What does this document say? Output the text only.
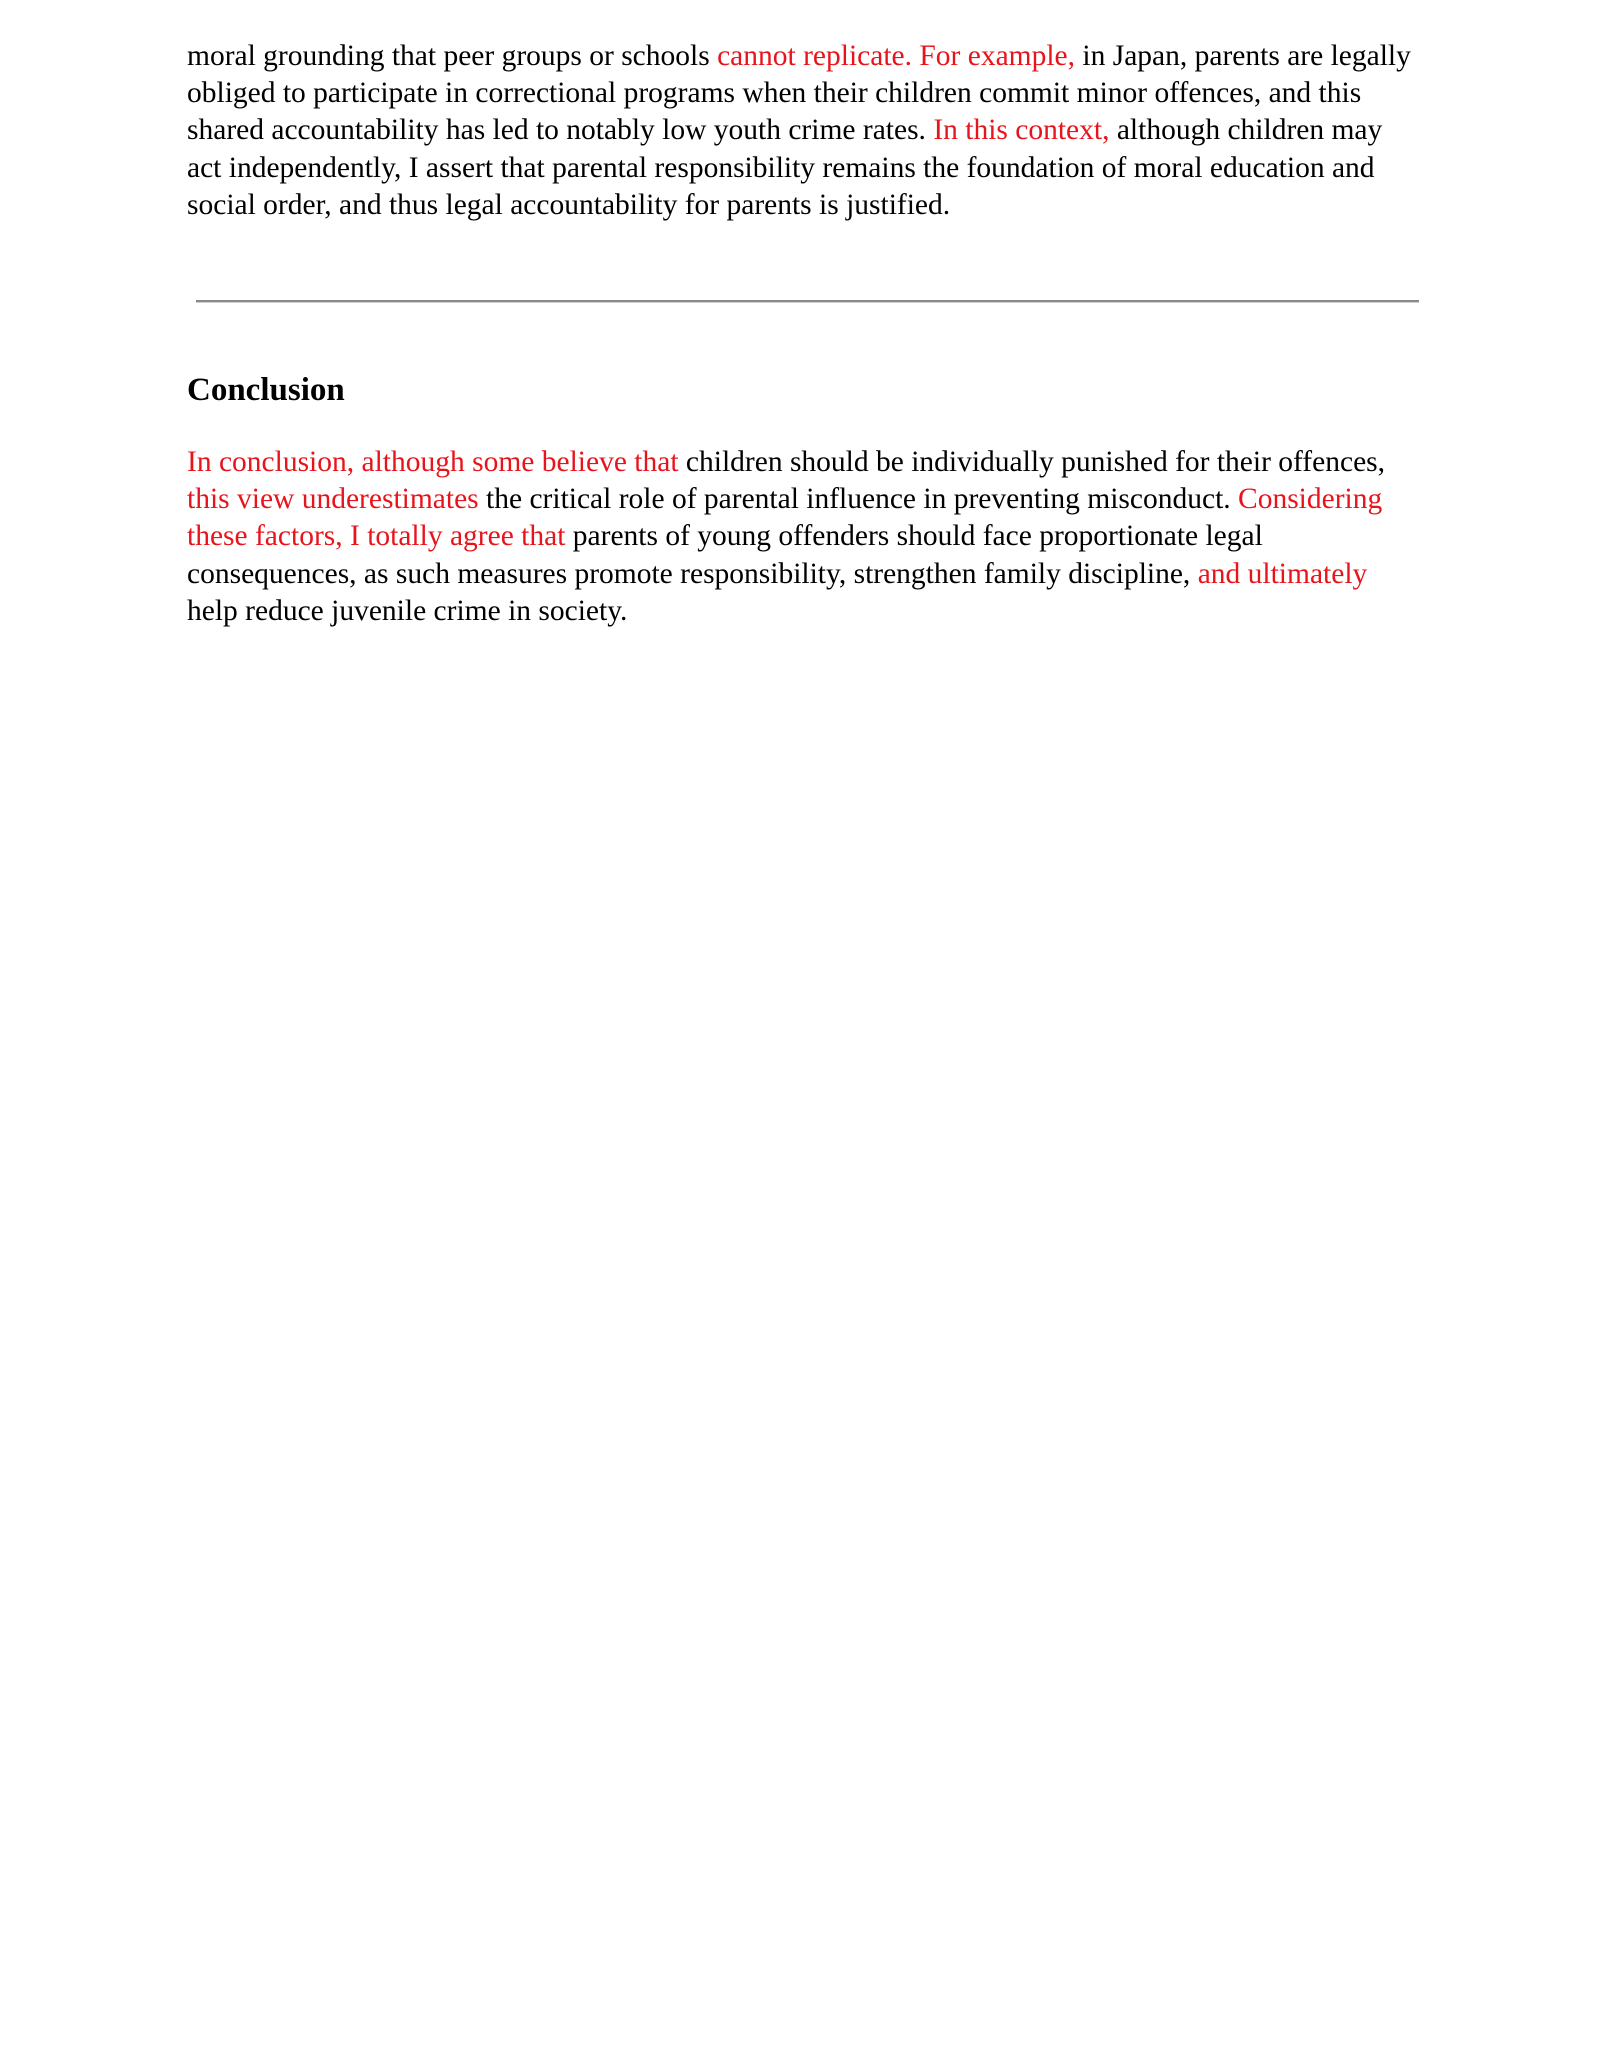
moral grounding that peer groups or schools cannot replicate. For example, in Japan, parents are legally obliged to participate in correctional programs when their children commit minor offences, and this shared accountability has led to notably low youth crime rates. In this context, although children may act independently, I assert that parental responsibility remains the foundation of moral education and social order, and thus legal accountability for parents is justified.

Conclusion

In conclusion, although some believe that children should be individually punished for their offences, this view underestimates the critical role of parental influence in preventing misconduct. Considering these factors, I totally agree that parents of young offenders should face proportionate legal consequences, as such measures promote responsibility, strengthen family discipline, and ultimately help reduce juvenile crime in society.
